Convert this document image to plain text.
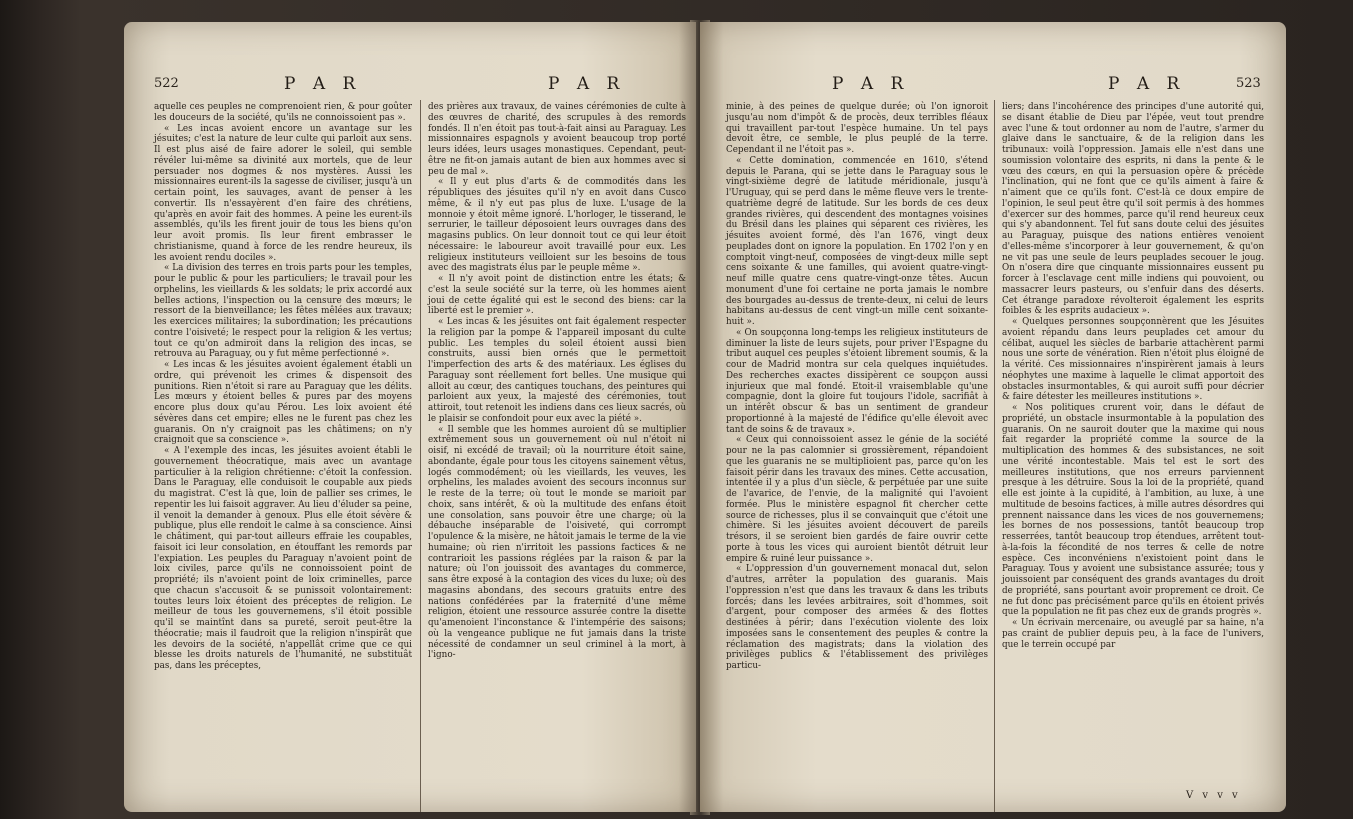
522	P A R	P A R

aquelle ces peuples ne comprenoient rien, & pour goûter les douceurs de la société, qu'ils ne connoissoient pas ».

« Les incas avoient encore un avantage sur les jésuites; c'est la nature de leur culte qui parloit aux sens. Il est plus aisé de faire adorer le soleil, qui semble révéler lui-même sa divinité aux mortels, que de leur persuader nos dogmes & nos mystères. Aussi les missionnaires eurent-ils la sagesse de civiliser, jusqu'à un certain point, les sauvages, avant de penser à les convertir. Ils n'essayèrent d'en faire des chrétiens, qu'après en avoir fait des hommes. A peine les eurent-ils assemblés, qu'ils les firent jouir de tous les biens qu'on leur avoit promis. Ils leur firent embrasser le christianisme, quand à force de les rendre heureux, ils les avoient rendu dociles ».

« La division des terres en trois parts pour les temples, pour le public & pour les particuliers; le travail pour les orphelins, les vieillards & les soldats; le prix accordé aux belles actions, l'inspection ou la censure des mœurs; le ressort de la bienveillance; les fêtes mêlées aux travaux; les exercices militaires; la subordination; les précautions contre l'oisiveté; le respect pour la religion & les vertus; tout ce qu'on admiroit dans la religion des incas, se retrouva au Paraguay, ou y fut même perfectionné ».

« Les incas & les jésuites avoient également établi un ordre, qui prévenoit les crimes & dispensoit des punitions. Rien n'étoit si rare au Paraguay que les délits. Les mœurs y étoient belles & pures par des moyens encore plus doux qu'au Pérou. Les loix avoient été sévères dans cet empire; elles ne le furent pas chez les guaranis. On n'y craignoit pas les châtimens; on n'y craignoit que sa conscience ».

« A l'exemple des incas, les jésuites avoient établi le gouvernement théocratique, mais avec un avantage particulier à la religion chrétienne: c'étoit la confession. Dans le Paraguay, elle conduisoit le coupable aux pieds du magistrat. C'est là que, loin de pallier ses crimes, le repentir les lui faisoit aggraver. Au lieu d'éluder sa peine, il venoit la demander à genoux. Plus elle étoit sévère & publique, plus elle rendoit le calme à sa conscience. Ainsi le châtiment, qui par-tout ailleurs effraie les coupables, faisoit ici leur consolation, en étouffant les remords par l'expiation. Les peuples du Paraguay n'avoient point de loix civiles, parce qu'ils ne connoissoient point de propriété; ils n'avoient point de loix criminelles, parce que chacun s'accusoit & se punissoit volontairement: toutes leurs loix étoient des préceptes de religion. Le meilleur de tous les gouvernemens, s'il étoit possible qu'il se maintînt dans sa pureté, seroit peut-être la théocratie; mais il faudroit que la religion n'inspirât que les devoirs de la société, n'appellât crime que ce qui blesse les droits naturels de l'humanité, ne substituât pas, dans les préceptes,

des prières aux travaux, de vaines cérémonies de culte à des œuvres de charité, des scrupules à des remords fondés. Il n'en étoit pas tout-à-fait ainsi au Paraguay. Les missionnaires espagnols y avoient beaucoup trop porté leurs idées, leurs usages monastiques. Cependant, peut-être ne fit-on jamais autant de bien aux hommes avec si peu de mal ».

« Il y eut plus d'arts & de commodités dans les républiques des jésuites qu'il n'y en avoit dans Cusco même, & il n'y eut pas plus de luxe. L'usage de la monnoie y étoit même ignoré. L'horloger, le tisserand, le serrurier, le tailleur déposoient leurs ouvrages dans des magasins publics. On leur donnoit tout ce qui leur étoit nécessaire: le laboureur avoit travaillé pour eux. Les religieux instituteurs veilloient sur les besoins de tous avec des magistrats élus par le peuple même ».

« Il n'y avoit point de distinction entre les états; & c'est la seule société sur la terre, où les hommes aient joui de cette égalité qui est le second des biens: car la liberté est le premier ».

« Les incas & les jésuites ont fait également respecter la religion par la pompe & l'appareil imposant du culte public. Les temples du soleil étoient aussi bien construits, aussi bien ornés que le permettoit l'imperfection des arts & des matériaux. Les églises du Paraguay sont réellement fort belles. Une musique qui alloit au cœur, des cantiques touchans, des peintures qui parloient aux yeux, la majesté des cérémonies, tout attiroit, tout retenoit les indiens dans ces lieux sacrés, où le plaisir se confondoit pour eux avec la piété ».

« Il semble que les hommes auroient dû se multiplier extrêmement sous un gouvernement où nul n'étoit ni oisif, ni excédé de travail; où la nourriture étoit saine, abondante, égale pour tous les citoyens sainement vêtus, logés commodément; où les vieillards, les veuves, les orphelins, les malades avoient des secours inconnus sur le reste de la terre; où tout le monde se marioit par choix, sans intérêt, & où la multitude des enfans étoit une consolation, sans pouvoir être une charge; où la débauche inséparable de l'oisiveté, qui corrompt l'opulence & la misère, ne hâtoit jamais le terme de la vie humaine; où rien n'irritoit les passions factices & ne contrarioit les passions réglées par la raison & par la nature; où l'on jouissoit des avantages du commerce, sans être exposé à la contagion des vices du luxe; où des magasins abondans, des secours gratuits entre des nations confédérées par la fraternité d'une même religion, étoient une ressource assurée contre la disette qu'amenoient l'inconstance & l'intempérie des saisons; où la vengeance publique ne fut jamais dans la triste nécessité de condamner un seul criminel à la mort, à l'igno-

P A R	P A R	523

minie, à des peines de quelque durée; où l'on ignoroit jusqu'au nom d'impôt & de procès, deux terribles fléaux qui travaillent par-tout l'espèce humaine. Un tel pays devoit être, ce semble, le plus peuplé de la terre. Cependant il ne l'étoit pas ».

« Cette domination, commencée en 1610, s'étend depuis le Parana, qui se jette dans le Paraguay sous le vingt-sixième degré de latitude méridionale, jusqu'à l'Uruguay, qui se perd dans le même fleuve vers le trente-quatrième degré de latitude. Sur les bords de ces deux grandes rivières, qui descendent des montagnes voisines du Brésil dans les plaines qui séparent ces rivières, les jésuites avoient formé, dès l'an 1676, vingt deux peuplades dont on ignore la population. En 1702 l'on y en comptoit vingt-neuf, composées de vingt-deux mille sept cens soixante & une familles, qui avoient quatre-vingt-neuf mille quatre cens quatre-vingt-onze têtes. Aucun monument d'une foi certaine ne porta jamais le nombre des bourgades au-dessus de trente-deux, ni celui de leurs habitans au-dessus de cent vingt-un mille cent soixante-huit ».

« On soupçonna long-temps les religieux instituteurs de diminuer la liste de leurs sujets, pour priver l'Espagne du tribut auquel ces peuples s'étoient librement soumis, & la cour de Madrid montra sur cela quelques inquiétudes. Des recherches exactes dissipèrent ce soupçon aussi injurieux que mal fondé. Etoit-il vraisemblable qu'une compagnie, dont la gloire fut toujours l'idole, sacrifiât à un intérêt obscur & bas un sentiment de grandeur proportionné à la majesté de l'édifice qu'elle élevoit avec tant de soins & de travaux ».

« Ceux qui connoissoient assez le génie de la société pour ne la pas calomnier si grossièrement, répandoient que les guaranis ne se multiplioient pas, parce qu'on les faisoit périr dans les travaux des mines. Cette accusation, intentée il y a plus d'un siècle, & perpétuée par une suite de l'avarice, de l'envie, de la malignité qui l'avoient formée. Plus le ministère espagnol fit chercher cette source de richesses, plus il se convainquit que c'étoit une chimère. Si les jésuites avoient découvert de pareils trésors, il se seroient bien gardés de faire ouvrir cette porte à tous les vices qui auroient bientôt détruit leur empire & ruiné leur puissance ».

« L'oppression d'un gouvernement monacal dut, selon d'autres, arrêter la population des guaranis. Mais l'oppression n'est que dans les travaux & dans les tributs forcés; dans les levées arbitraires, soit d'hommes, soit d'argent, pour composer des armées & des flottes destinées à périr; dans l'exécution violente des loix imposées sans le consentement des peuples & contre la réclamation des magistrats; dans la violation des privilèges publics & l'établissement des privilèges particu-

liers; dans l'incohérence des principes d'une autorité qui, se disant établie de Dieu par l'épée, veut tout prendre avec l'une & tout ordonner au nom de l'autre, s'armer du glaive dans le sanctuaire, & de la religion dans les tribunaux: voilà l'oppression. Jamais elle n'est dans une soumission volontaire des esprits, ni dans la pente & le vœu des cœurs, en qui la persuasion opère & précède l'inclination, qui ne font que ce qu'ils aiment à faire & n'aiment que ce qu'ils font. C'est-là ce doux empire de l'opinion, le seul peut être qu'il soit permis à des hommes d'exercer sur des hommes, parce qu'il rend heureux ceux qui s'y abandonnent. Tel fut sans doute celui des jésuites au Paraguay, puisque des nations entières venoient d'elles-même s'incorporer à leur gouvernement, & qu'on ne vit pas une seule de leurs peuplades secouer le joug. On n'osera dire que cinquante missionnaires eussent pu forcer à l'esclavage cent mille indiens qui pouvoient, ou massacrer leurs pasteurs, ou s'enfuir dans des déserts. Cet étrange paradoxe révolteroit également les esprits foibles & les esprits audacieux ».

« Quelques personnes soupçonnèrent que les Jésuites avoient répandu dans leurs peuplades cet amour du célibat, auquel les siècles de barbarie attachèrent parmi nous une sorte de vénération. Rien n'étoit plus éloigné de la vérité. Ces missionnaires n'inspirèrent jamais à leurs néophytes une maxime à laquelle le climat apportoit des obstacles insurmontables, & qui auroit suffi pour décrier & faire détester les meilleures institutions ».

« Nos politiques crurent voir, dans le défaut de propriété, un obstacle insurmontable à la population des guaranis. On ne sauroit douter que la maxime qui nous fait regarder la propriété comme la source de la multiplication des hommes & des subsistances, ne soit une vérité incontestable. Mais tel est le sort des meilleures institutions, que nos erreurs parviennent presque à les détruire. Sous la loi de la propriété, quand elle est jointe à la cupidité, à l'ambition, au luxe, à une multitude de besoins factices, à mille autres désordres qui prennent naissance dans les vices de nos gouvernemens; les bornes de nos possessions, tantôt beaucoup trop resserrées, tantôt beaucoup trop étendues, arrêtent tout-à-la-fois la fécondité de nos terres & celle de notre espèce. Ces inconvéniens n'existoient point dans le Paraguay. Tous y avoient une subsistance assurée; tous y jouissoient par conséquent des grands avantages du droit de propriété, sans pourtant avoir proprement ce droit. Ce ne fut donc pas précisément parce qu'ils en étoient privés que la population ne fit pas chez eux de grands progrès ».

« Un écrivain mercenaire, ou aveuglé par sa haine, n'a pas craint de publier depuis peu, à la face de l'univers, que le terrein occupé par

V v v v
